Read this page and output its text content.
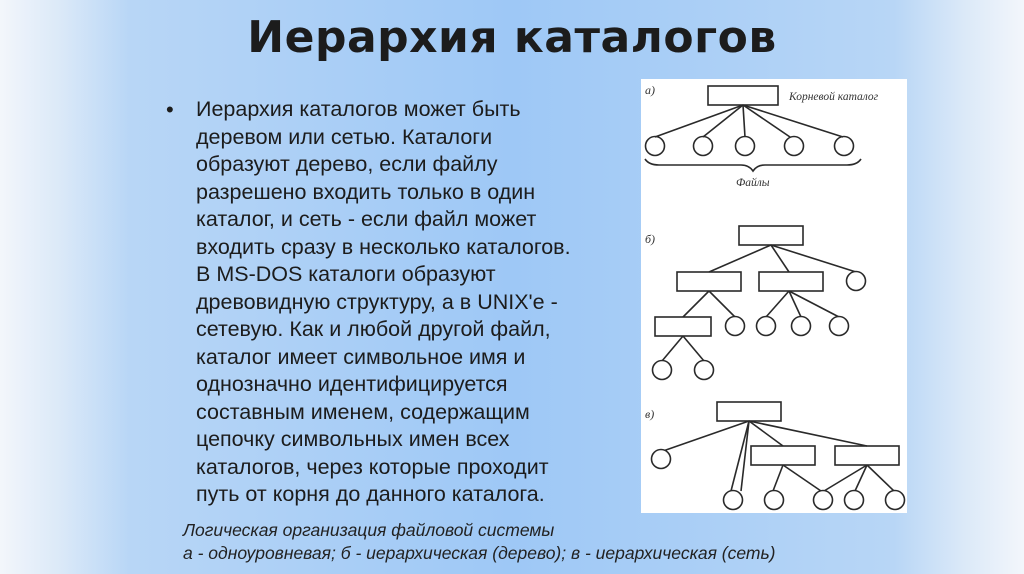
Иерархия каталогов
•	Иерархия каталогов может быть
деревом или сетью. Каталоги
образуют дерево, если файлу
разрешено входить только в один
каталог, и сеть - если файл может
входить сразу в несколько каталогов.
В MS-DOS каталоги образуют
древовидную структуру, а в UNIX'е -
сетевую. Как и любой другой файл,
каталог имеет символьное имя и
однозначно идентифицируется
составным именем, содержащим
цепочку символьных имен всех
каталогов, через которые проходит
путь от корня до данного каталога.
а)	Корневой каталог
Файлы
б)
в)
Логическая организация файловой системы
а - одноуровневая; б - иерархическая (дерево); в - иерархическая (сеть)
